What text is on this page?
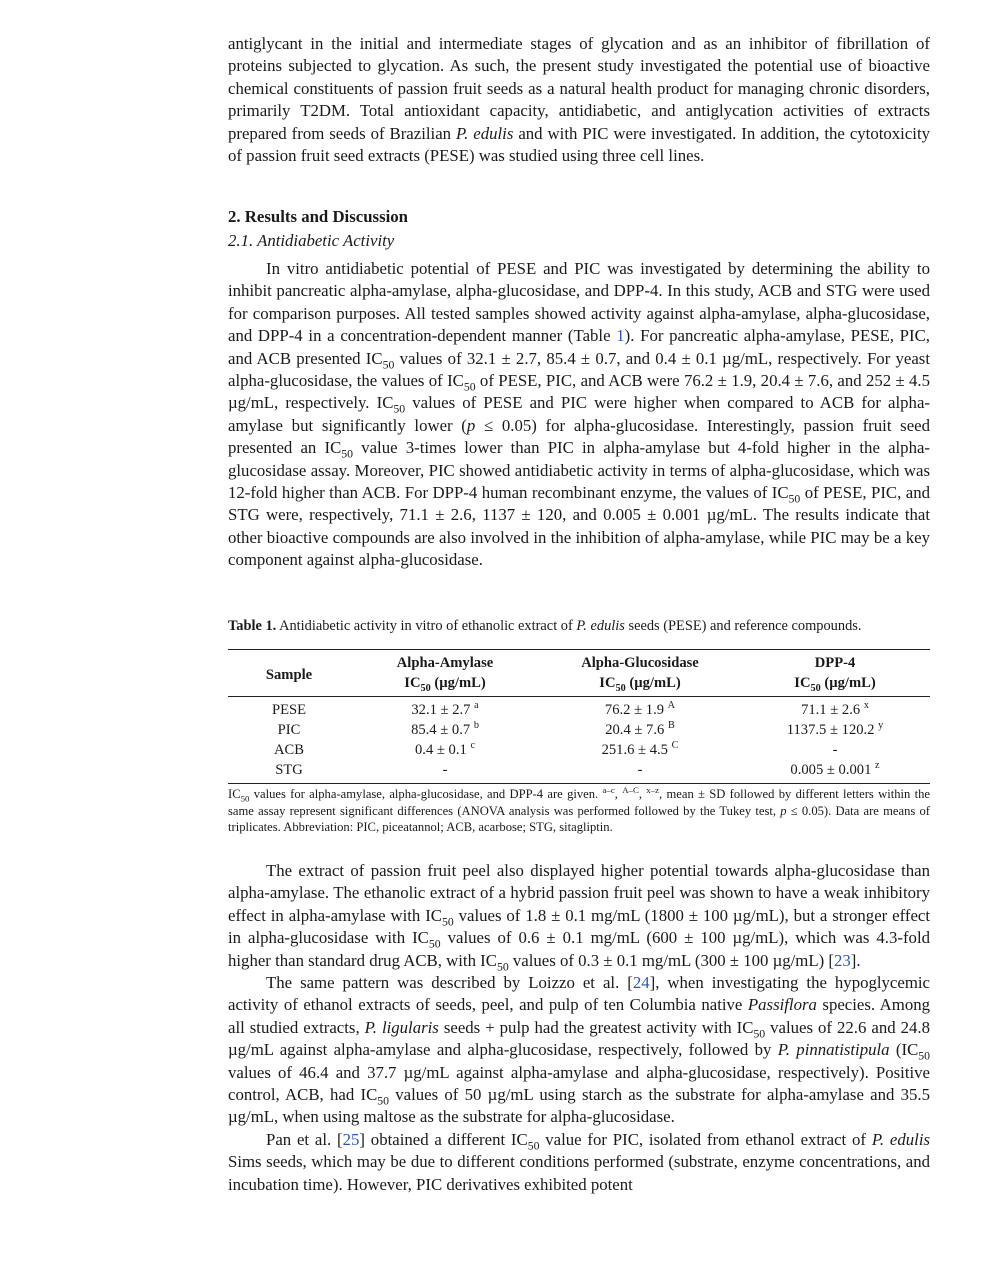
antiglycant in the initial and intermediate stages of glycation and as an inhibitor of fibrillation of proteins subjected to glycation. As such, the present study investigated the potential use of bioactive chemical constituents of passion fruit seeds as a natural health product for managing chronic disorders, primarily T2DM. Total antioxidant capacity, antidiabetic, and antiglycation activities of extracts prepared from seeds of Brazilian P. edulis and with PIC were investigated. In addition, the cytotoxicity of passion fruit seed extracts (PESE) was studied using three cell lines.

2. Results and Discussion
2.1. Antidiabetic Activity

In vitro antidiabetic potential of PESE and PIC was investigated by determining the ability to inhibit pancreatic alpha-amylase, alpha-glucosidase, and DPP-4. In this study, ACB and STG were used for comparison purposes. All tested samples showed activity against alpha-amylase, alpha-glucosidase, and DPP-4 in a concentration-dependent manner (Table 1). For pancreatic alpha-amylase, PESE, PIC, and ACB presented $IC_{50}$ values of 32.1 ± 2.7, 85.4 ± 0.7, and 0.4 ± 0.1 µg/mL, respectively. For yeast alpha-glucosidase, the values of $IC_{50}$ of PESE, PIC, and ACB were 76.2 ± 1.9, 20.4 ± 7.6, and 252 ± 4.5 µg/mL, respectively. $IC_{50}$ values of PESE and PIC were higher when compared to ACB for alpha-amylase but significantly lower (p ≤ 0.05) for alpha-glucosidase. Interestingly, passion fruit seed presented an $IC_{50}$ value 3-times lower than PIC in alpha-amylase but 4-fold higher in the alpha-glucosidase assay. Moreover, PIC showed antidiabetic activity in terms of alpha-glucosidase, which was 12-fold higher than ACB. For DPP-4 human recombinant enzyme, the values of $IC_{50}$ of PESE, PIC, and STG were, respectively, 71.1 ± 2.6, 1137 ± 120, and 0.005 ± 0.001 µg/mL. The results indicate that other bioactive compounds are also involved in the inhibition of alpha-amylase, while PIC may be a key component against alpha-glucosidase.

Table 1. Antidiabetic activity in vitro of ethanolic extract of P. edulis seeds (PESE) and reference compounds.

Sample	Alpha-Amylase	Alpha-Glucosidase	DPP-4
	$IC_{50}$ (µg/mL)	$IC_{50}$ (µg/mL)	$IC_{50}$ (µg/mL)
PESE	32.1 ± 2.7 $^a$	76.2 ± 1.9 $^A$	71.1 ± 2.6 $^x$
PIC	85.4 ± 0.7 $^b$	20.4 ± 7.6 $^B$	1137.5 ± 120.2 $^y$
ACB	0.4 ± 0.1 $^c$	251.6 ± 4.5 $^C$	-
STG	-	-	0.005 ± 0.001 $^z$

$IC_{50}$ values for alpha-amylase, alpha-glucosidase, and DPP-4 are given. $^{a-c}$, $^{A-C}$, $^{x-z}$, mean ± SD followed by different letters within the same assay represent significant differences (ANOVA analysis was performed followed by the Tukey test, p ≤ 0.05). Data are means of triplicates. Abbreviation: PIC, piceatannol; ACB, acarbose; STG, sitagliptin.

The extract of passion fruit peel also displayed higher potential towards alpha-glucosidase than alpha-amylase. The ethanolic extract of a hybrid passion fruit peel was shown to have a weak inhibitory effect in alpha-amylase with $IC_{50}$ values of 1.8 ± 0.1 mg/mL (1800 ± 100 µg/mL), but a stronger effect in alpha-glucosidase with $IC_{50}$ values of 0.6 ± 0.1 mg/mL (600 ± 100 µg/mL), which was 4.3-fold higher than standard drug ACB, with $IC_{50}$ values of 0.3 ± 0.1 mg/mL (300 ± 100 µg/mL) [23].

The same pattern was described by Loizzo et al. [24], when investigating the hypoglycemic activity of ethanol extracts of seeds, peel, and pulp of ten Columbia native Passiflora species. Among all studied extracts, P. ligularis seeds + pulp had the greatest activity with $IC_{50}$ values of 22.6 and 24.8 µg/mL against alpha-amylase and alpha-glucosidase, respectively, followed by P. pinnatistipula ($IC_{50}$ values of 46.4 and 37.7 µg/mL against alpha-amylase and alpha-glucosidase, respectively). Positive control, ACB, had $IC_{50}$ values of 50 µg/mL using starch as the substrate for alpha-amylase and 35.5 µg/mL, when using maltose as the substrate for alpha-glucosidase.

Pan et al. [25] obtained a different $IC_{50}$ value for PIC, isolated from ethanol extract of P. edulis Sims seeds, which may be due to different conditions performed (substrate, enzyme concentrations, and incubation time). However, PIC derivatives exhibited potent
